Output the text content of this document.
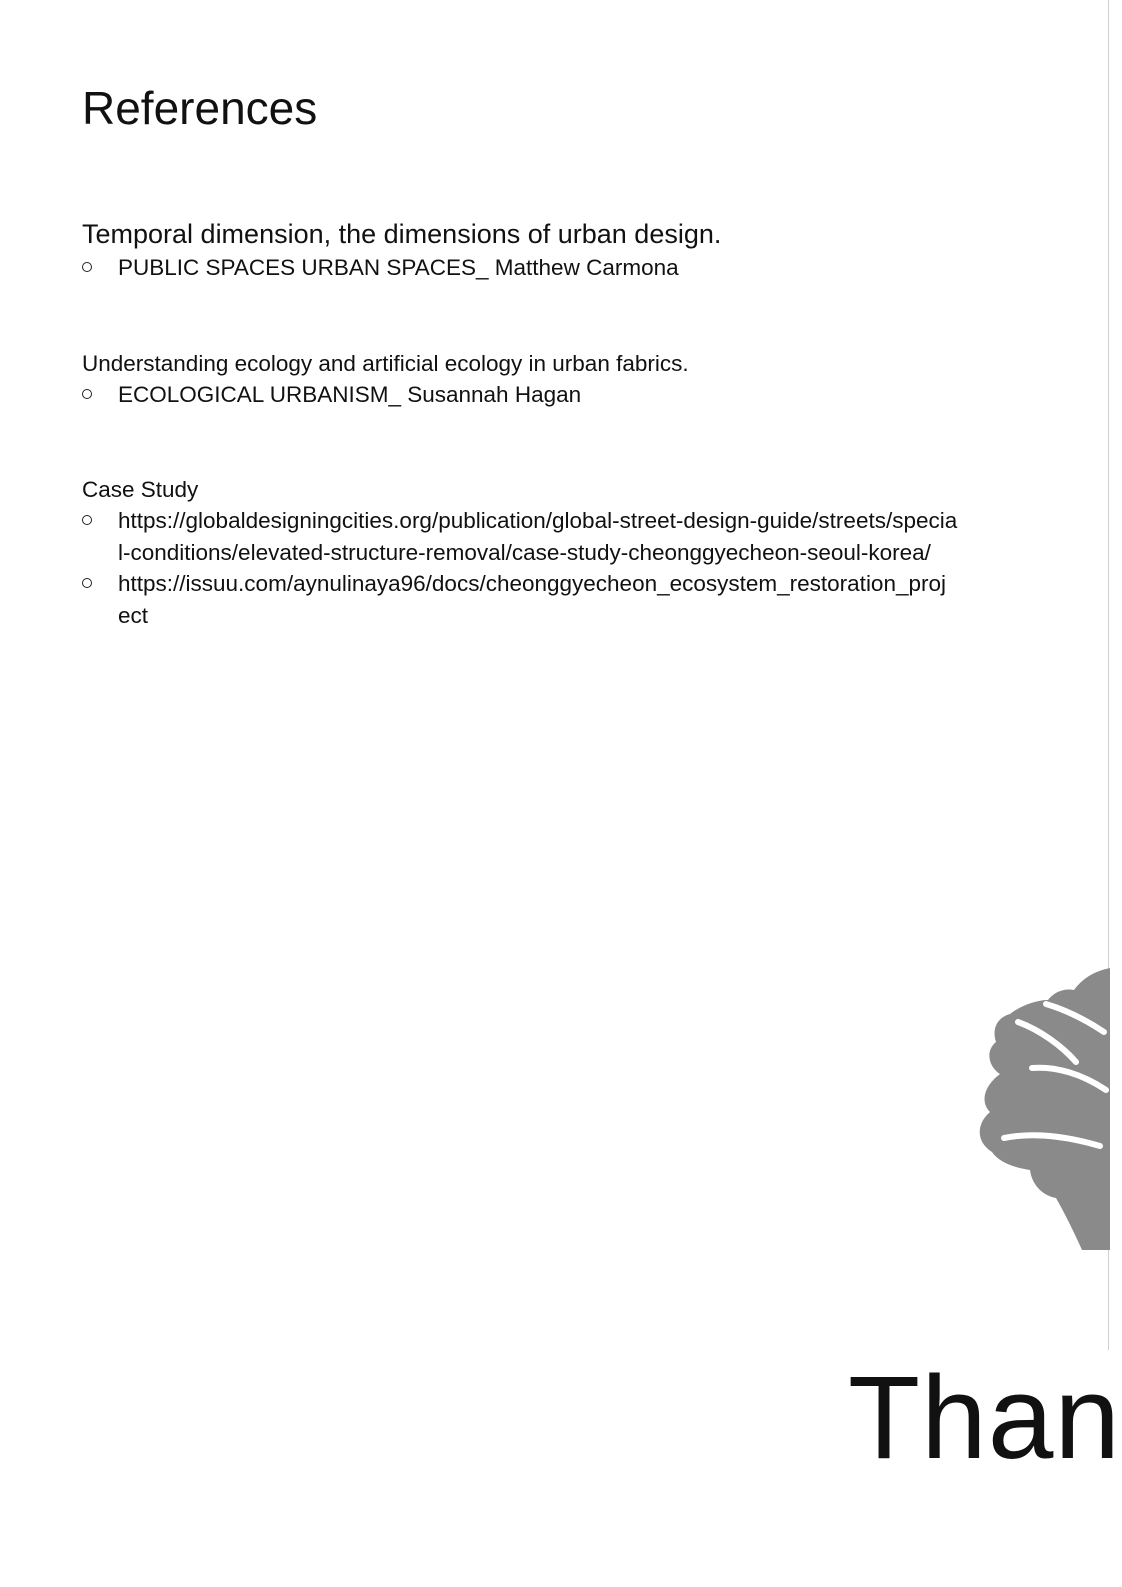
References
Temporal dimension, the dimensions of urban design.
PUBLIC SPACES URBAN SPACES_ Matthew Carmona
Understanding ecology and artificial ecology in urban fabrics.
ECOLOGICAL URBANISM_ Susannah Hagan
Case Study
https://globaldesigningcities.org/publication/global-street-design-guide/streets/special-conditions/elevated-structure-removal/case-study-cheonggyecheon-seoul-korea/
https://issuu.com/aynulinaya96/docs/cheonggyecheon_ecosystem_restoration_project

Than
